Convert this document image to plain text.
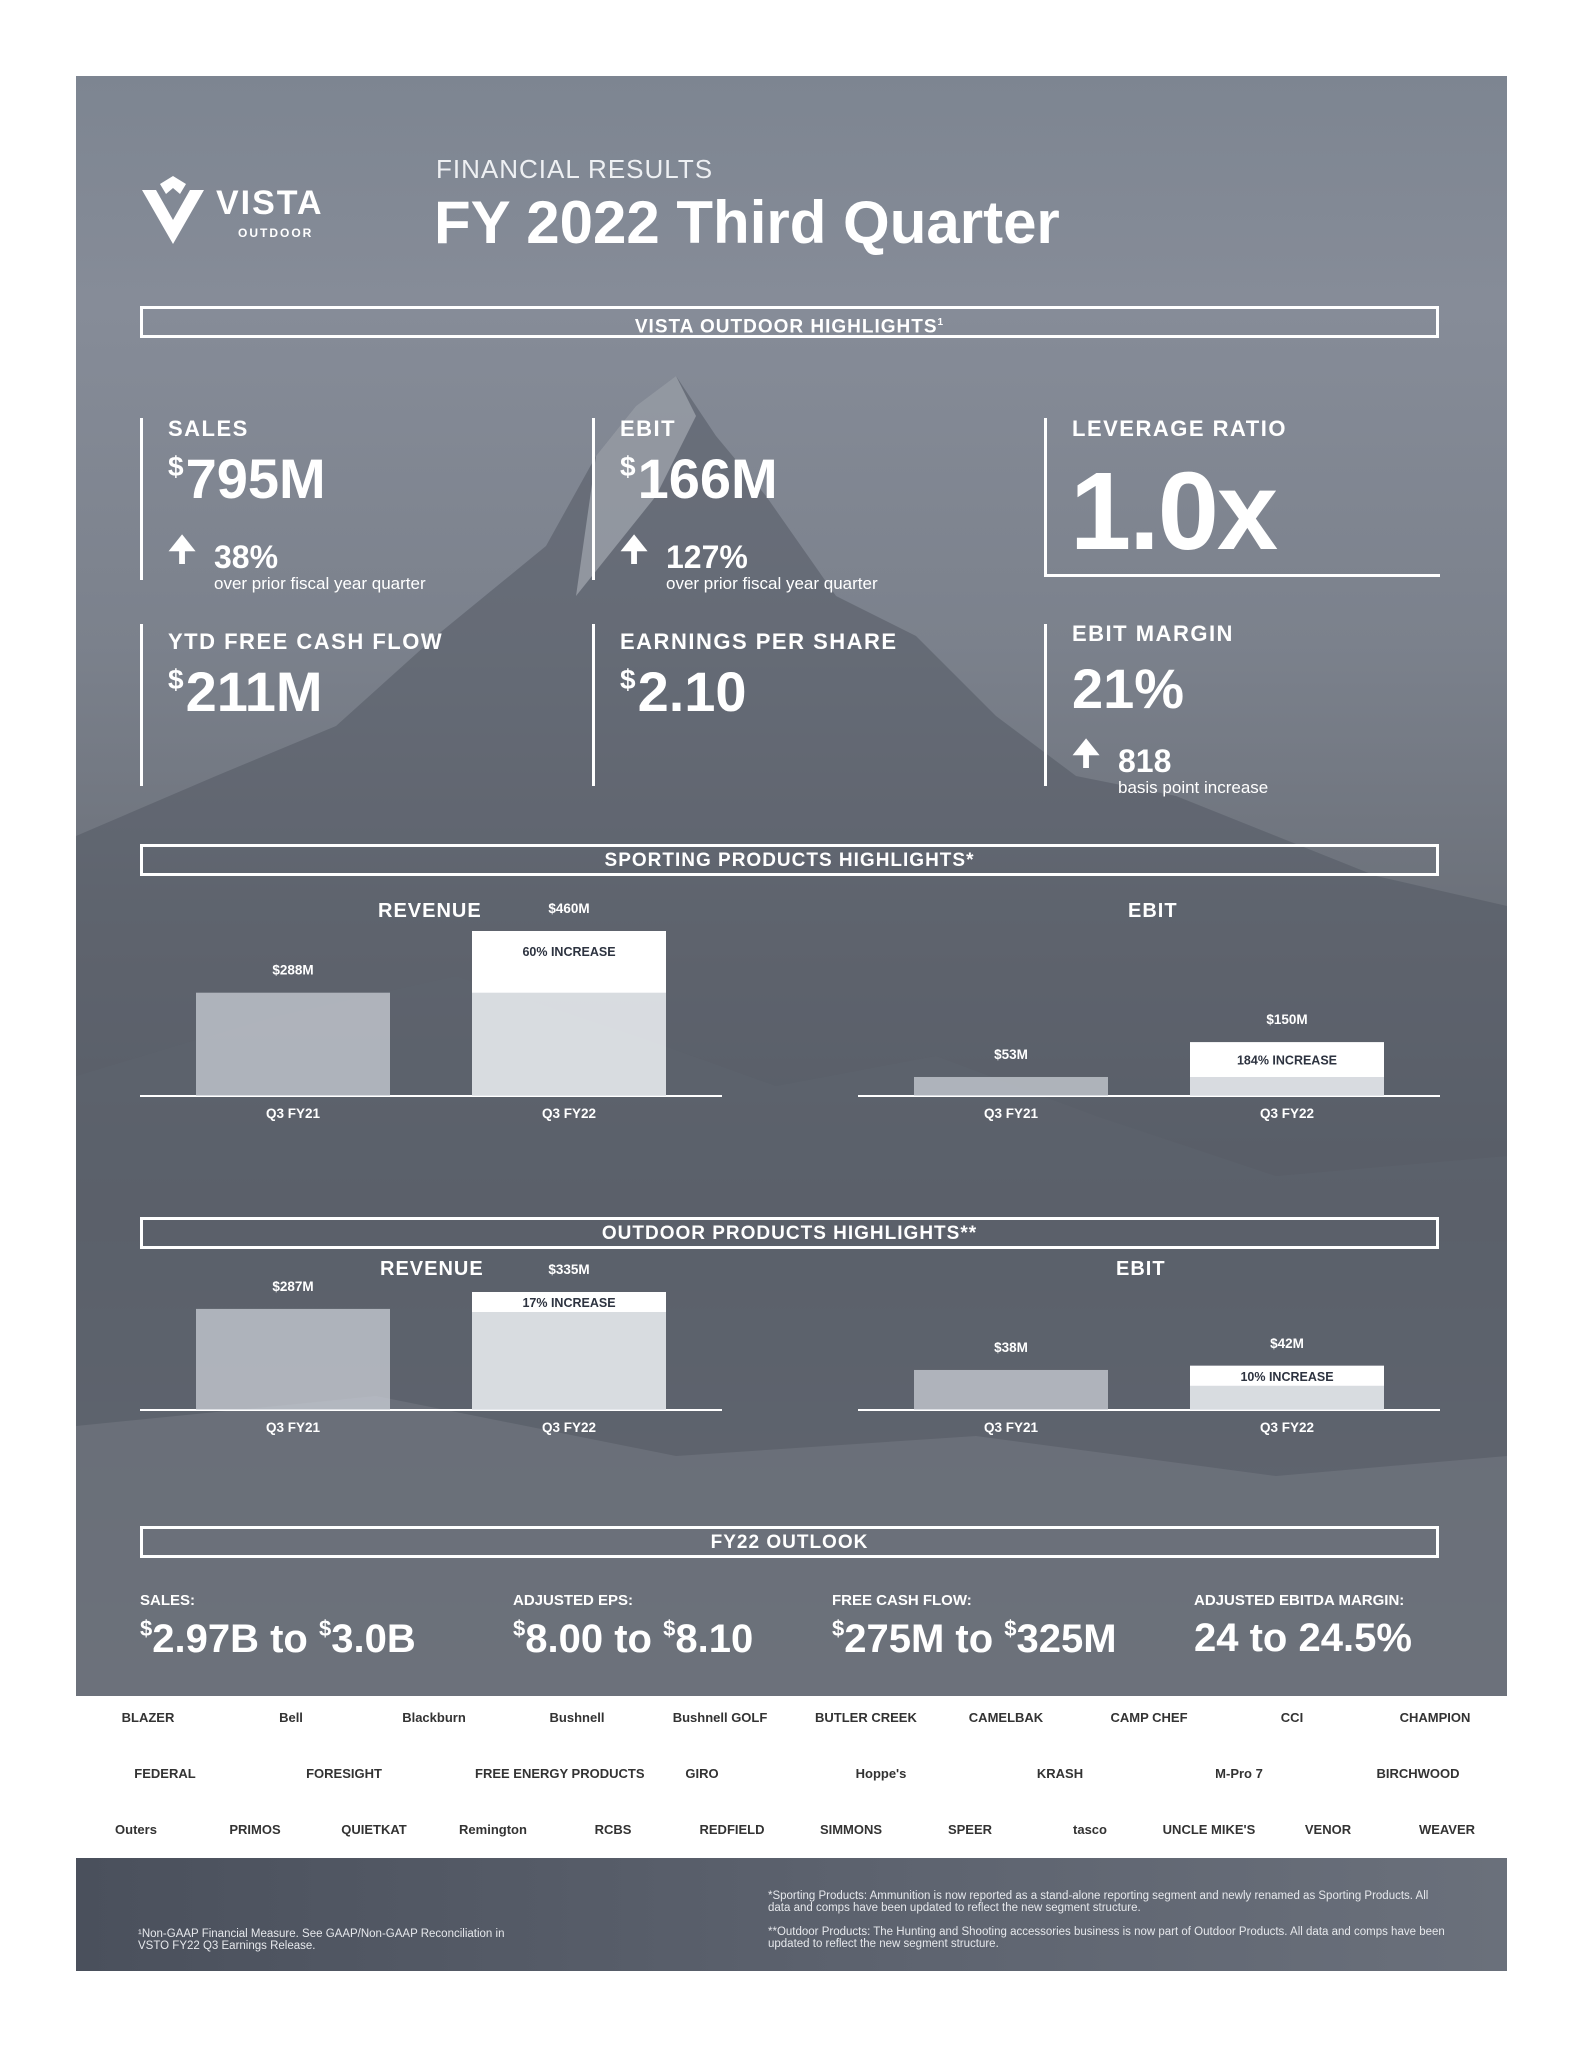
VISTA
OUTDOOR
FINANCIAL RESULTS
FY 2022 Third Quarter
VISTA OUTDOOR HIGHLIGHTS$^1$
SALES
$795M
🠉 38%
over prior fiscal year quarter
EBIT
$166M
🠉 127%
over prior fiscal year quarter
LEVERAGE RATIO
1.0x
YTD FREE CASH FLOW
$211M
EARNINGS PER SHARE
$2.10
EBIT MARGIN
21%
🠉 818
basis point increase
SPORTING PRODUCTS HIGHLIGHTS*
REVENUE	EBIT
$288M
Q3 FY21
60% INCREASE
$460M
Q3 FY22
$53M
Q3 FY21
184% INCREASE
$150M
Q3 FY22
OUTDOOR PRODUCTS HIGHLIGHTS**
REVENUE	EBIT
$287M
Q3 FY21
17% INCREASE
$335M
Q3 FY22
$38M
Q3 FY21
10% INCREASE
$42M
Q3 FY22
FY22 OUTLOOK
SALES:
$2.97B to $3.0B
ADJUSTED EPS:
$8.00 to $8.10
FREE CASH FLOW:
$275M to $325M
ADJUSTED EBITDA MARGIN:
24 to 24.5%
BLAZER	Bell	Blackburn	Bushnell	Bushnell GOLF	BUTLER CREEK	CAMELBAK	CAMP CHEF	CCI	CHAMPION
FEDERAL	FORESIGHT	FREE ENERGY PRODUCTS	GIRO	Hoppe's	KRASH	M-Pro 7	BIRCHWOOD
Outers	PRIMOS	QUIETKAT	Remington	RCBS	REDFIELD	SIMMONS	SPEER	tasco	UNCLE MIKE'S	VENOR	WEAVER
¹Non-GAAP Financial Measure. See GAAP/Non-GAAP Reconciliation in VSTO FY22 Q3 Earnings Release.
*Sporting Products: Ammunition is now reported as a stand-alone reporting segment and newly renamed as Sporting Products. All data and comps have been updated to reflect the new segment structure.
**Outdoor Products: The Hunting and Shooting accessories business is now part of Outdoor Products. All data and comps have been updated to reflect the new segment structure.
